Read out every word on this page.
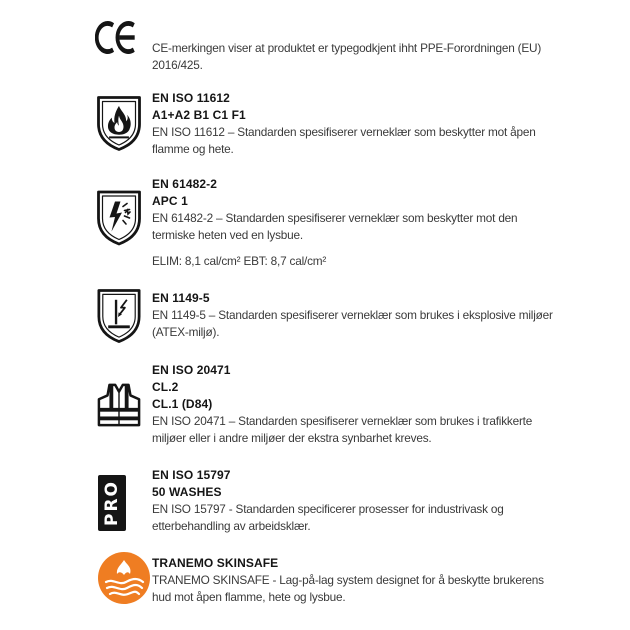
CE-merkingen viser at produktet er typegodkjent ihht PPE-Forordningen (EU)
2016/425.
EN ISO 11612
A1+A2 B1 C1 F1
EN ISO 11612 – Standarden spesifiserer verneklær som beskytter mot åpen
flamme og hete.
EN 61482-2
APC 1
EN 61482-2 – Standarden spesifiserer verneklær som beskytter mot den
termiske heten ved en lysbue.
ELIM: 8,1 cal/cm² EBT: 8,7 cal/cm²
EN 1149-5
EN 1149-5 – Standarden spesifiserer verneklær som brukes i eksplosive miljøer
(ATEX-miljø).
EN ISO 20471
CL.2
CL.1 (D84)
EN ISO 20471 – Standarden spesifiserer verneklær som brukes i trafikkerte
miljøer eller i andre miljøer der ekstra synbarhet kreves.
PRO
EN ISO 15797
50 WASHES
EN ISO 15797 - Standarden specificerer prosesser for industrivask og
etterbehandling av arbeidsklær.
TRANEMO SKINSAFE
TRANEMO SKINSAFE - Lag-på-lag system designet for å beskytte brukerens
hud mot åpen flamme, hete og lysbue.
